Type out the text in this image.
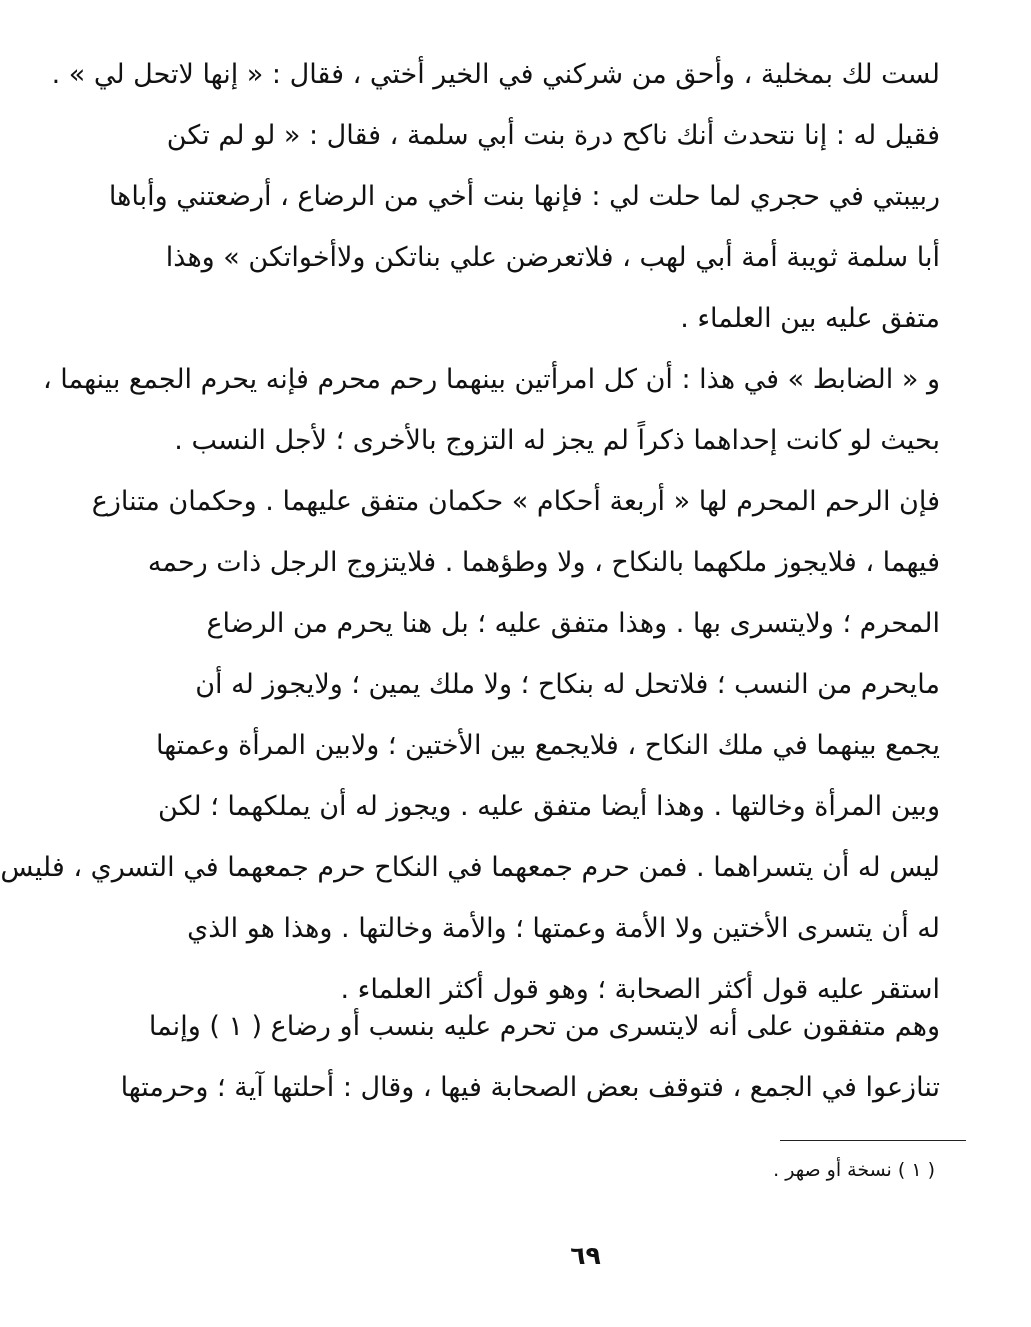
لست لك بمخلية ، وأحق من شركني في الخير أختي ، فقال : « إنها لاتحل لي » .
فقيل له : إنا نتحدث أنك ناكح درة بنت أبي سلمة ، فقال : « لو لم تكن
ربيبتي في حجري لما حلت لي : فإنها بنت أخي من الرضاع ، أرضعتني وأباها
أبا سلمة ثويبة أمة أبي لهب ، فلاتعرضن علي بناتكن ولاأخواتكن » وهذا
متفق عليه بين العلماء .
و « الضابط » في هذا : أن كل امرأتين بينهما رحم محرم فإنه يحرم الجمع بينهما ،
بحيث لو كانت إحداهما ذكراً لم يجز له التزوج بالأخرى ؛ لأجل النسب .
فإن الرحم المحرم لها « أربعة أحكام » حكمان متفق عليهما . وحكمان متنازع
فيهما ، فلايجوز ملكهما بالنكاح ، ولا وطؤهما . فلايتزوج الرجل ذات رحمه
المحرم ؛ ولايتسرى بها . وهذا متفق عليه ؛ بل هنا يحرم من الرضاع
مايحرم من النسب ؛ فلاتحل له بنكاح ؛ ولا ملك يمين ؛ ولايجوز له أن
يجمع بينهما في ملك النكاح ، فلايجمع بين الأختين ؛ ولابين المرأة وعمتها
وبين المرأة وخالتها . وهذا أيضا متفق عليه . ويجوز له أن يملكهما ؛ لكن
ليس له أن يتسراهما . فمن حرم جمعهما في النكاح حرم جمعهما في التسري ، فليس
له أن يتسرى الأختين ولا الأمة وعمتها ؛ والأمة وخالتها . وهذا هو الذي
استقر عليه قول أكثر الصحابة ؛ وهو قول أكثر العلماء .
وهم متفقون على أنه لايتسرى من تحرم عليه بنسب أو رضاع ( ١ ) وإنما
تنازعوا في الجمع ، فتوقف بعض الصحابة فيها ، وقال : أحلتها آية ؛ وحرمتها
( ١ ) نسخة أو صهر .
٦٩
